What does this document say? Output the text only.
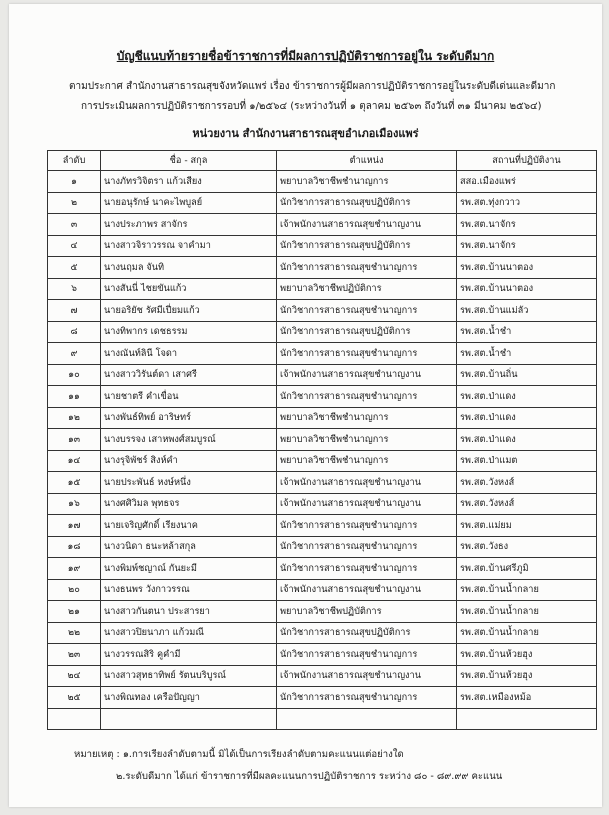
บัญชีแนบท้ายรายชื่อข้าราชการที่มีผลการปฏิบัติราชการอยู่ใน ระดับดีมาก
ตามประกาศ สำนักงานสาธารณสุขจังหวัดแพร่ เรื่อง ข้าราชการผู้มีผลการปฏิบัติราชการอยู่ในระดับดีเด่นและดีมาก
การประเมินผลการปฏิบัติราชการรอบที่ ๑/๒๕๖๔ (ระหว่างวันที่ ๑ ตุลาคม ๒๕๖๓ ถึงวันที่ ๓๑ มีนาคม ๒๕๖๔)
หน่วยงาน สำนักงานสาธารณสุขอำเภอเมืองแพร่
ลำดับ	ชื่อ - สกุล	ตำแหน่ง	สถานที่ปฏิบัติงาน
๑	นางภัทรวิจิตรา แก้วเสียง	พยาบาลวิชาชีพชำนาญการ	สสอ.เมืองแพร่
๒	นายอนุรักษ์ นาคะไพบูลย์	นักวิชาการสาธารณสุขปฏิบัติการ	รพ.สต.ทุ่งกวาว
๓	นางประภาพร สาจักร	เจ้าพนักงานสาธารณสุขชำนาญงาน	รพ.สต.นาจักร
๔	นางสาวจิราวรรณ จาคำมา	นักวิชาการสาธารณสุขปฏิบัติการ	รพ.สต.นาจักร
๕	นางนฤมล จันทิ	นักวิชาการสาธารณสุขชำนาญการ	รพ.สต.บ้านนาตอง
๖	นางสันนี่ ไชยขันแก้ว	พยาบาลวิชาชีพปฏิบัติการ	รพ.สต.บ้านนาตอง
๗	นายอริยัช รัศมีเปี่ยมแก้ว	นักวิชาการสาธารณสุขชำนาญการ	รพ.สต.บ้านแม่ลัว
๘	นางทิพากร เดชธรรม	นักวิชาการสาธารณสุขปฏิบัติการ	รพ.สต.น้ำชำ
๙	นางณันท์ลินี โจดา	นักวิชาการสาธารณสุขชำนาญการ	รพ.สต.น้ำชำ
๑๐	นางสาววิรันต์ดา เสาศรี	เจ้าพนักงานสาธารณสุขชำนาญงาน	รพ.สต.บ้านถิ่น
๑๑	นายชาตรี คำเขื่อน	นักวิชาการสาธารณสุขชำนาญการ	รพ.สต.ป่าแดง
๑๒	นางพันธ์ทิพย์ อาริษทร์	พยาบาลวิชาชีพชำนาญการ	รพ.สต.ป่าแดง
๑๓	นางบรรจง เสาหพงศ์สมบูรณ์	พยาบาลวิชาชีพชำนาญการ	รพ.สต.ป่าแดง
๑๔	นางรุจิพัชร์ สิงห์คำ	พยาบาลวิชาชีพชำนาญการ	รพ.สต.ป่าแมต
๑๕	นายประพันธ์ หงษ์หนึ่ง	เจ้าพนักงานสาธารณสุขชำนาญงาน	รพ.สต.วังหงส์
๑๖	นางศศิวิมล พุทธจร	เจ้าพนักงานสาธารณสุขชำนาญงาน	รพ.สต.วังหงส์
๑๗	นายเจริญศักดิ์ เรียงนาค	นักวิชาการสาธารณสุขชำนาญการ	รพ.สต.แม่ยม
๑๘	นางวนิดา ธนะหล้าสกุล	นักวิชาการสาธารณสุขชำนาญการ	รพ.สต.วังธง
๑๙	นางพิมพ์ชญาณ์ กันยะมี	นักวิชาการสาธารณสุขชำนาญการ	รพ.สต.บ้านศรีภูมิ
๒๐	นางธนพร วังกาวรรณ	เจ้าพนักงานสาธารณสุขชำนาญงาน	รพ.สต.บ้านน้ำกลาย
๒๑	นางสาวกันตนา ประสารยา	พยาบาลวิชาชีพปฏิบัติการ	รพ.สต.บ้านน้ำกลาย
๒๒	นางสาวปิยนาภา แก้วมณี	นักวิชาการสาธารณสุขปฏิบัติการ	รพ.สต.บ้านน้ำกลาย
๒๓	นางวรรณสิริ คูคำมี	นักวิชาการสาธารณสุขชำนาญการ	รพ.สต.บ้านห้วยฮุง
๒๔	นางสาวสุทธาทิพย์ รัตนบริบูรณ์	เจ้าพนักงานสาธารณสุขชำนาญงาน	รพ.สต.บ้านห้วยฮุง
๒๕	นางพิณทอง เครือปัญญา	นักวิชาการสาธารณสุขชำนาญการ	รพ.สต.เหมืองหม้อ

หมายเหตุ : ๑.การเรียงลำดับตามนี้ มิได้เป็นการเรียงลำดับตามคะแนนแต่อย่างใด
๒.ระดับดีมาก ได้แก่ ข้าราชการที่มีผลคะแนนการปฏิบัติราชการ ระหว่าง ๘๐ - ๘๙.๙๙ คะแนน
